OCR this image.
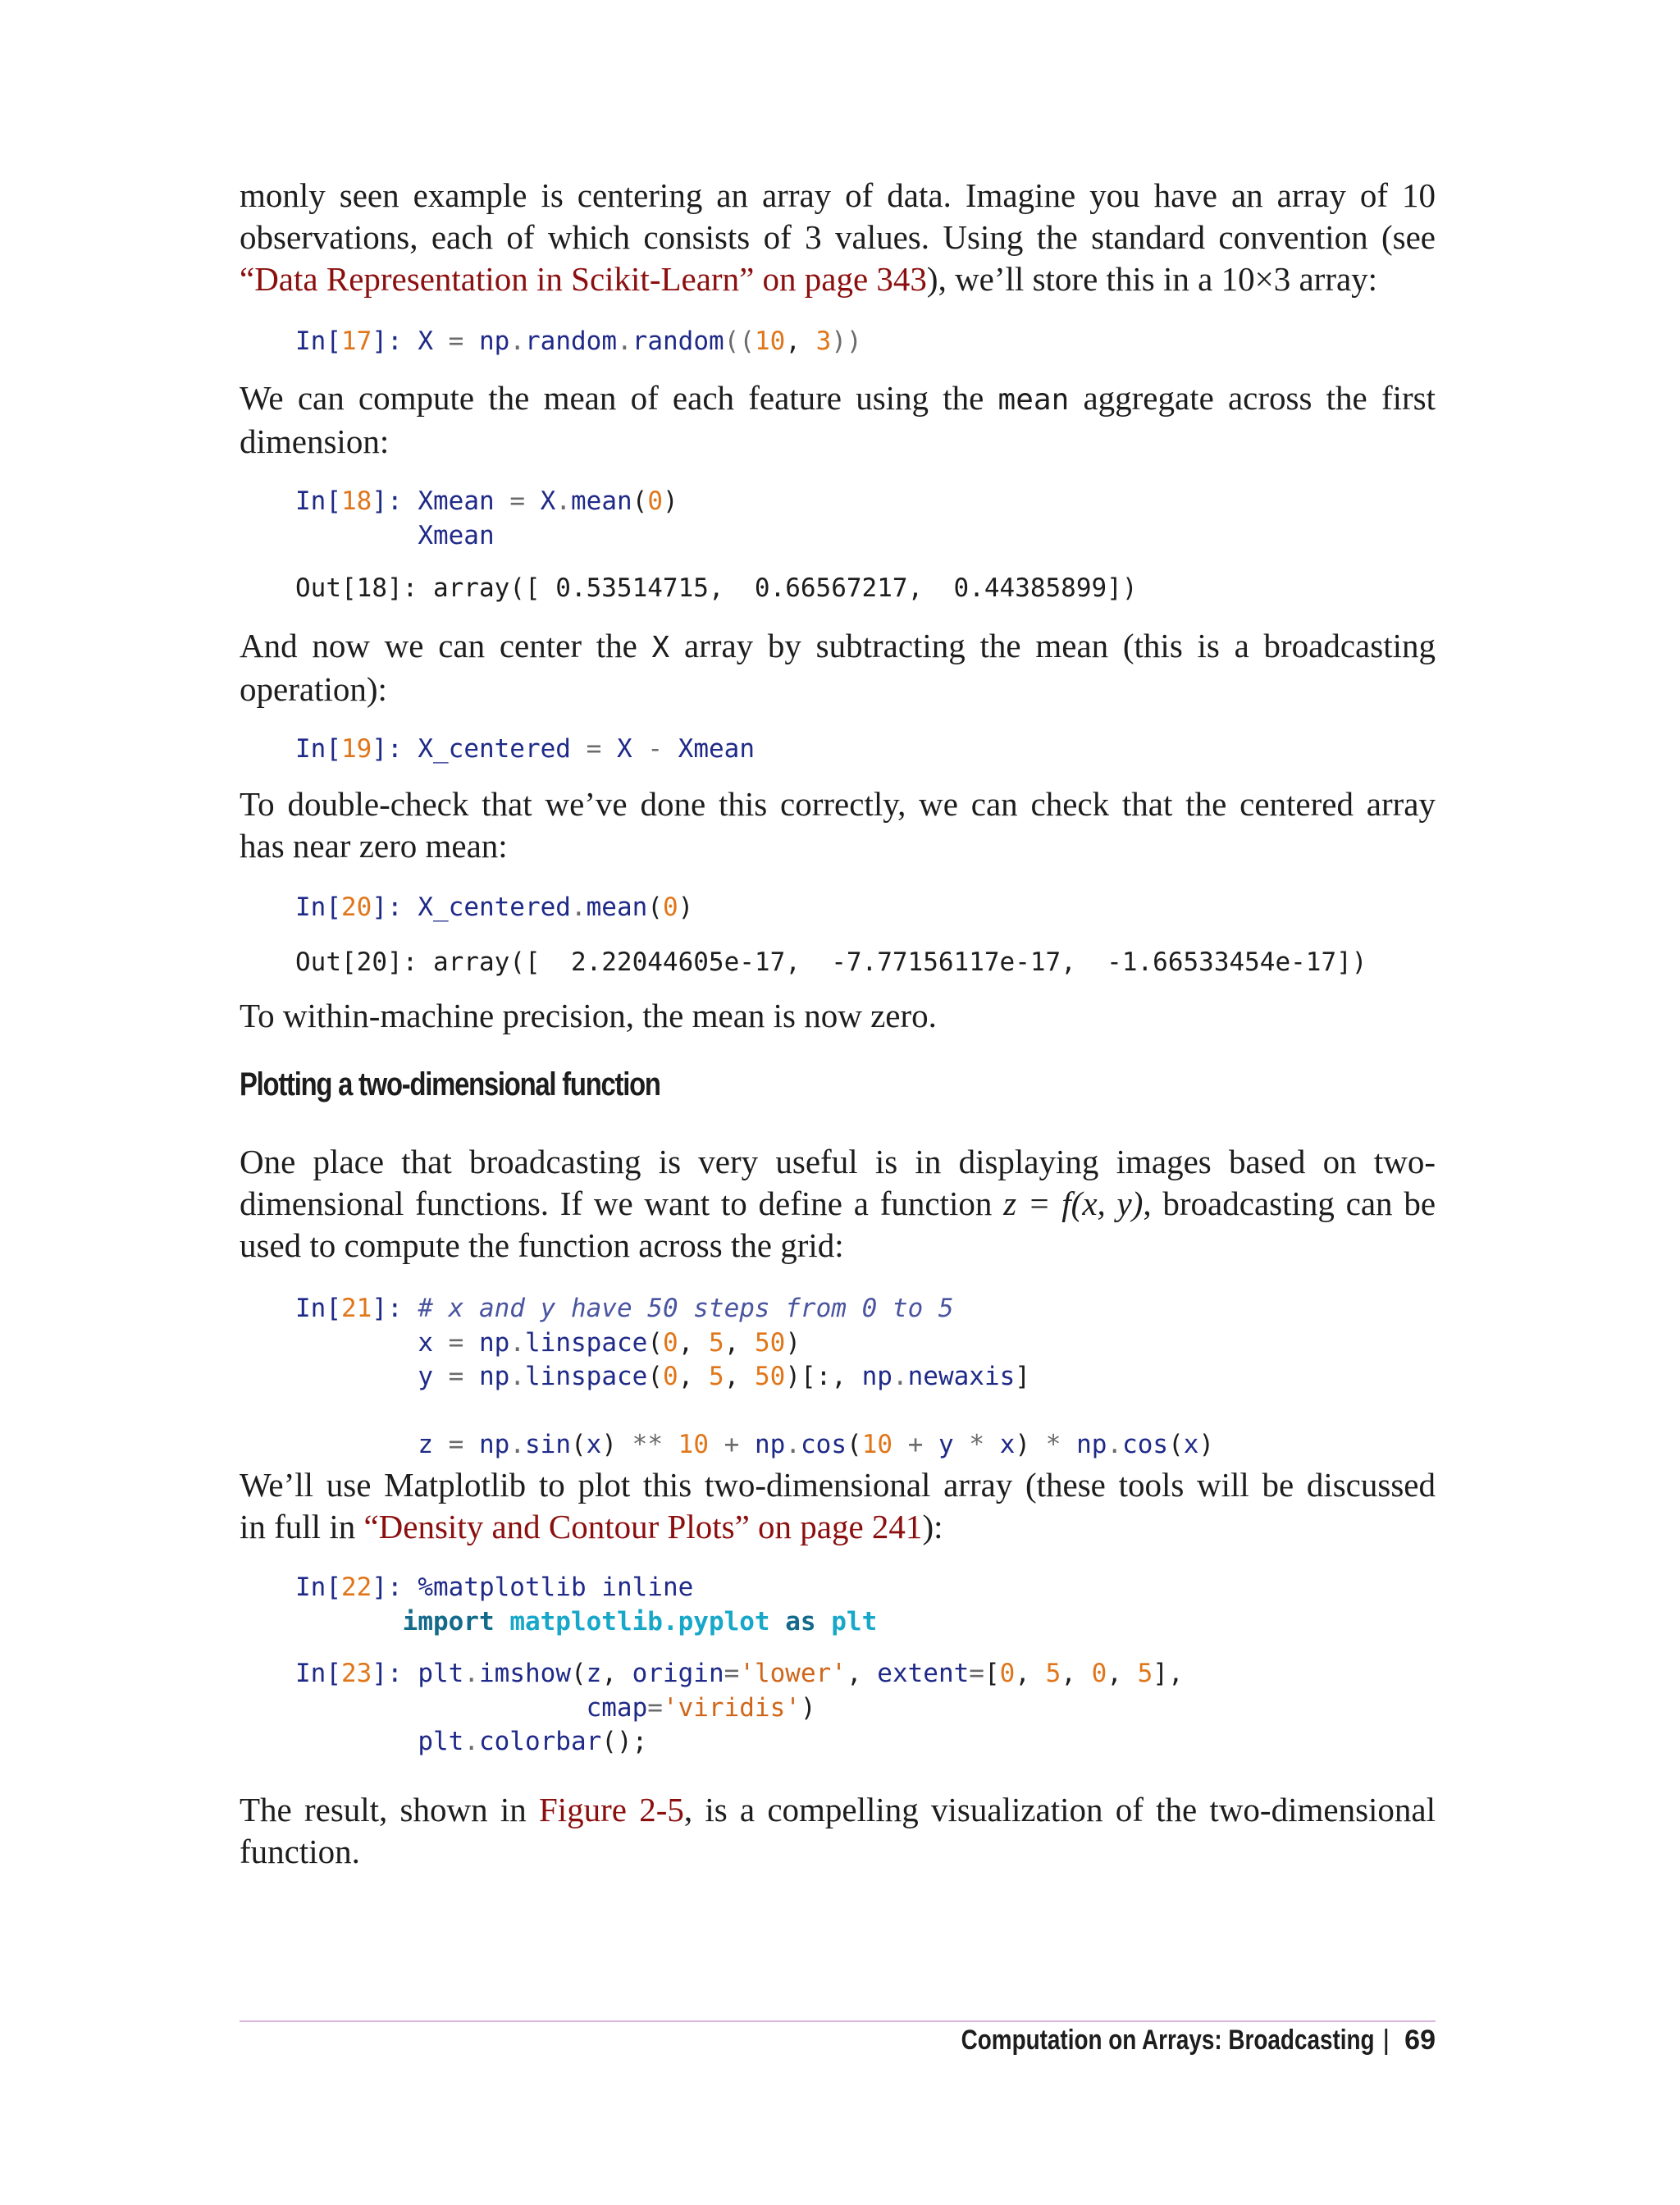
monly seen example is centering an array of data. Imagine you have an array of 10
observations, each of which consists of 3 values. Using the standard convention (see
“Data Representation in Scikit-Learn” on page 343), we’ll store this in a 10×3 array:
In[17]: X = np.random.random((10, 3))
We can compute the mean of each feature using the mean aggregate across the first
dimension:
In[18]: Xmean = X.mean(0)
Xmean
Out[18]: array([ 0.53514715,  0.66567217,  0.44385899])
And now we can center the X array by subtracting the mean (this is a broadcasting
operation):
In[19]: X_centered = X - Xmean
To double-check that we’ve done this correctly, we can check that the centered array
has near zero mean:
In[20]: X_centered.mean(0)
Out[20]: array([  2.22044605e-17,  -7.77156117e-17,  -1.66533454e-17])
To within-machine precision, the mean is now zero.
Plotting a two-dimensional function
One place that broadcasting is very useful is in displaying images based on two-
dimensional functions. If we want to define a function z = f(x, y), broadcasting can be
used to compute the function across the grid:
In[21]: # x and y have 50 steps from 0 to 5
x = np.linspace(0, 5, 50)
y = np.linspace(0, 5, 50)[:, np.newaxis]

z = np.sin(x) ** 10 + np.cos(10 + y * x) * np.cos(x)
We’ll use Matplotlib to plot this two-dimensional array (these tools will be discussed
in full in “Density and Contour Plots” on page 241):
In[22]: %matplotlib inline
import matplotlib.pyplot as plt
In[23]: plt.imshow(z, origin='lower', extent=[0, 5, 0, 5],
cmap='viridis')
plt.colorbar();
The result, shown in Figure 2-5, is a compelling visualization of the two-dimensional
function.
Computation on Arrays: Broadcasting | 69
